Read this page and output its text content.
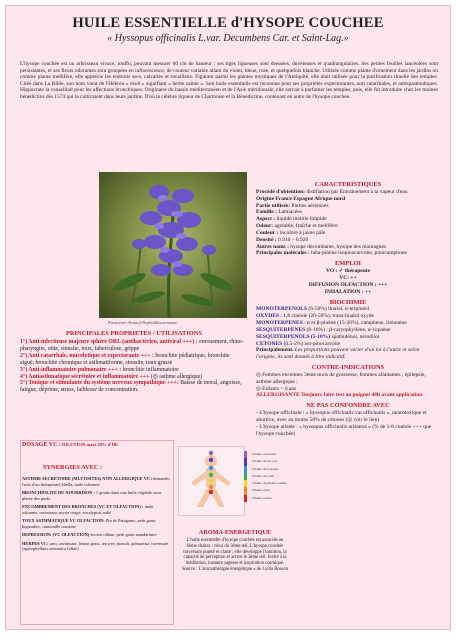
HUILE ESSENTIELLE d'HYSOPE COUCHEE
« Hyssopus officinalis L.var. Decumbens Car. et Saint-Lag.»

L'hysope couchée est un arbrisseau vivace, touffu, pouvant mesurer 60 cm de hauteur ; ses tiges ligneuses sont dressées, duveteuses et quadrangulaires. Ses petites feuilles lancéolées sont persistantes, et ses fleurs odorantes sont groupées en inflorescence, de couleur variable allant du violet, bleue, rose, et quelquefois blanche. Utilisée comme plante d'ornement dans les jardins ou comme plante mellifère, elle apprécie les endroits secs, calcaires et rocailleux. Figurant parmi les plantes mystiques de l'Antiquité, elle était utilisée pour la purification rituelle des temples. Citée dans La Bible, son nom vient de l'Hébreu « ezob » signifiant « herbe sainte ». Son huile essentielle est reconnue pour ses propriétés expectorantes, anti catarrhales, et antispasmodiques. Hippocrate la conseillait pour les affections bronchiques. Originaire du bassin méditerranéen et de l'Asie méridionale, elle servait à parfumer les temples, puis, elle fut introduite chez les moines bénédictins dès 1574 qui la cultivaient dans leurs jardins. D'où la célèbre liqueur de Chartreuse et la Bénédictine, contenant en autre de l'hysope couchée.

Purescence-Aroma.fr/Sophie&Lucarnature
PRINCIPALES PROPRIETES / UTILISATIONS

1°) Anti-infectieuse majeure sphère ORL (antibactérien, antiviral +++) : enrouement, rhino-pharyngite, otite, sinusite, toux, tuberculose, grippe

2°) Anti catarrhale, mucolytique et expectorante +++ : bronchite pédiatrique, bronchite aiguë, bronchite chronique et asthmatiforme, sinusite, toux grasse

3°) Anti-inflammatoire pulmonaire +++ : bronchite inflammatoire

4°) Antiasthmatique sécrétoire et inflammatoire +++ (◎ asthme allergique)

5°) Tonique et stimulante du système nerveux sympathique +++: Baisse de moral, angoisse, fatigue, déprime, stress, faiblesse de concentration.

CARACTERISTIQUES

Procédé d'obtention: distillation par Entraînement à la vapeur d'eau

Origine France Espagne Afrique nord

Partie utilisée: Parties aériennes

Famille : Lamiacées

Aspect : liquide mobile limpide

Odeur: agréable, fraîche et mellifère

Couleur : incolore à jaune pâle

Densité : 0.910 – 0.920

Autres noms : hysope décombante, hysope des montagnes

Principales molécules : béta-pinène isopinocarvone, pinocamphone

EMPLOI

VO : ✓ thérapeute

VC: ++

DIFFUSION OLFACTION : +++

INHALATION : ++

BIOCHIMIE

MONOTERPENOLS (6-50%) linalol, α-terpinéol

OXYDES : 1,8 cinéole (20-50%), trans-linalol oxyde

MONOTERPENES : α et β-pinène (15-20%), camphene, limonène

SESQUITERPENES (8-10%) : β-caryophyllène, α-copaène

SESQUITERPENOLS (5-10%) spathulénol, nérodilol

CETONES (0.5-2%) iso-pinocarvone

Principalement. Les proportions pouvant varier d'un lot à l'autre et selon l'origine, ils sont donnés à titre indicatif.

CONTRE-INDICATIONS

◎ Femmes enceintes 3ème mois de grossesse, femmes allaitantes ; épilepsie, asthme allergique ;

◎ Enfants < 6 ans

ALLERGISANTE Toujours faire test au poignet 48h avant application

NE PAS CONFONDRE AVEC

- L'hysope officinale : « hyssopus officinalis var.officinalis », neurotoxique et abortive, avec au moins 50% de cétones (◎ voir le lien)

- L'hysope aristée : « hyssopus officinalis aristatus » (% de 1-8 cinéole +++ que l'hysope couchée)

DOSAGE VC : DILUTION maxi 20% d'HE

SYNERGIES AVEC :

ASTHME SECRETOIRE (MUCOSITES) NON ALLERGIQUE VC (demander l'avis d'un thérapeute) khella, inule odorante

BRONCHIOLITE DU NOURRISON : 1 goutte dans une huile végétale sous plante des pieds

ENCOMBREMENT DES BRONCHES (VC ET OLFACTION) : inule odorante, ravintsara, myrte rouge, eucalyptus radié

TOUX ASTHMATIQUE VC OLFACTION: Pin de Patagonie, petit grain bigaradier, camomille romaine

DEPRESSION: (VC OLFACTION) encens oliban, petit grain mandarinier

HERPES VC: saro, ravintsara, lemon grass, tea tree, niaouli, palmarosa, ravensare (agatophyllum aromatica foliae)

Chakra couronne

Chakra du 3e oeil

Chakra de la gorge

Chakra du cœur

Chakra du plexus solaire

Chakra sacré

Chakra racine

AROMA-ENERGETIQUE
L'huile essentielle d'hysope couchée est associée au 6ème chakra : celui du 3ème œil. L'hysope couchée traversant pureté et clarté ; elle développe l'intuition, la capacité de perception et active le 3ème œil. Invite à la méditation, instaure sagesse et inspiration cosmique. Source : L'aromathérapie énergétique » de Lydia Bosson
